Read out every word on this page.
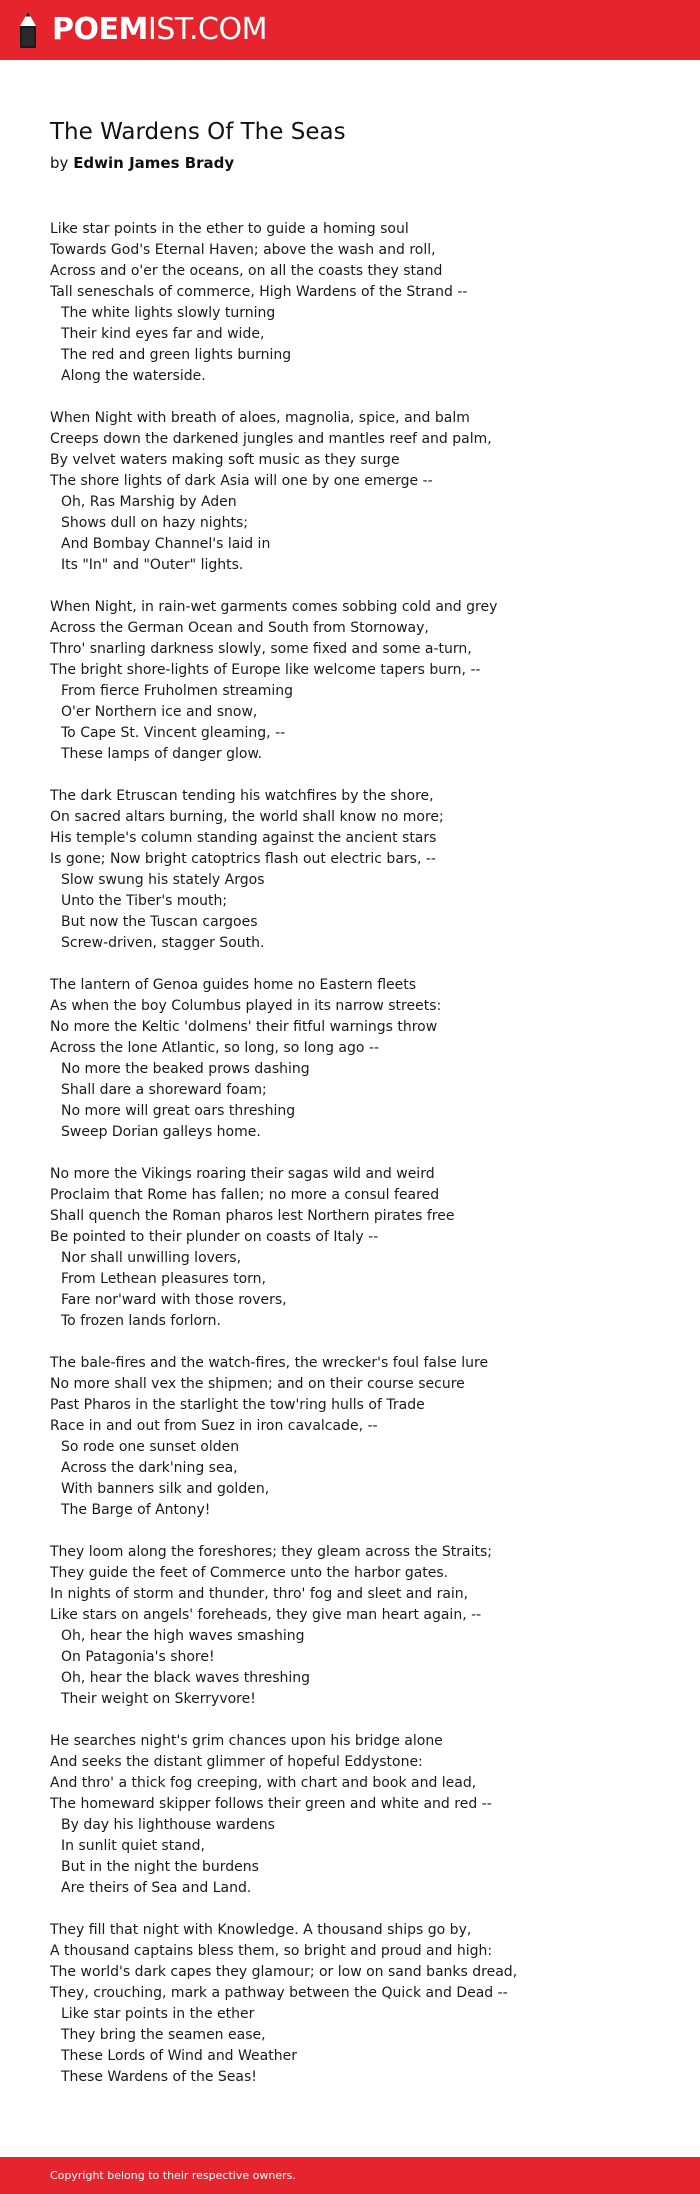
POEMIST.COM
The Wardens Of The Seas
by Edwin James Brady
Like star points in the ether to guide a homing soul
Towards God's Eternal Haven; above the wash and roll,
Across and o'er the oceans, on all the coasts they stand
Tall seneschals of commerce, High Wardens of the Strand --
The white lights slowly turning
Their kind eyes far and wide,
The red and green lights burning
Along the waterside.
When Night with breath of aloes, magnolia, spice, and balm
Creeps down the darkened jungles and mantles reef and palm,
By velvet waters making soft music as they surge
The shore lights of dark Asia will one by one emerge --
Oh, Ras Marshig by Aden
Shows dull on hazy nights;
And Bombay Channel's laid in
Its "In" and "Outer" lights.
When Night, in rain-wet garments comes sobbing cold and grey
Across the German Ocean and South from Stornoway,
Thro' snarling darkness slowly, some fixed and some a-turn,
The bright shore-lights of Europe like welcome tapers burn, --
From fierce Fruholmen streaming
O'er Northern ice and snow,
To Cape St. Vincent gleaming, --
These lamps of danger glow.
The dark Etruscan tending his watchfires by the shore,
On sacred altars burning, the world shall know no more;
His temple's column standing against the ancient stars
Is gone; Now bright catoptrics flash out electric bars, --
Slow swung his stately Argos
Unto the Tiber's mouth;
But now the Tuscan cargoes
Screw-driven, stagger South.
The lantern of Genoa guides home no Eastern fleets
As when the boy Columbus played in its narrow streets:
No more the Keltic 'dolmens' their fitful warnings throw
Across the lone Atlantic, so long, so long ago --
No more the beaked prows dashing
Shall dare a shoreward foam;
No more will great oars threshing
Sweep Dorian galleys home.
No more the Vikings roaring their sagas wild and weird
Proclaim that Rome has fallen; no more a consul feared
Shall quench the Roman pharos lest Northern pirates free
Be pointed to their plunder on coasts of Italy --
Nor shall unwilling lovers,
From Lethean pleasures torn,
Fare nor'ward with those rovers,
To frozen lands forlorn.
The bale-fires and the watch-fires, the wrecker's foul false lure
No more shall vex the shipmen; and on their course secure
Past Pharos in the starlight the tow'ring hulls of Trade
Race in and out from Suez in iron cavalcade, --
So rode one sunset olden
Across the dark'ning sea,
With banners silk and golden,
The Barge of Antony!
They loom along the foreshores; they gleam across the Straits;
They guide the feet of Commerce unto the harbor gates.
In nights of storm and thunder, thro' fog and sleet and rain,
Like stars on angels' foreheads, they give man heart again, --
Oh, hear the high waves smashing
On Patagonia's shore!
Oh, hear the black waves threshing
Their weight on Skerryvore!
He searches night's grim chances upon his bridge alone
And seeks the distant glimmer of hopeful Eddystone:
And thro' a thick fog creeping, with chart and book and lead,
The homeward skipper follows their green and white and red --
By day his lighthouse wardens
In sunlit quiet stand,
But in the night the burdens
Are theirs of Sea and Land.
They fill that night with Knowledge. A thousand ships go by,
A thousand captains bless them, so bright and proud and high:
The world's dark capes they glamour; or low on sand banks dread,
They, crouching, mark a pathway between the Quick and Dead --
Like star points in the ether
They bring the seamen ease,
These Lords of Wind and Weather
These Wardens of the Seas!
Copyright belong to their respective owners.
